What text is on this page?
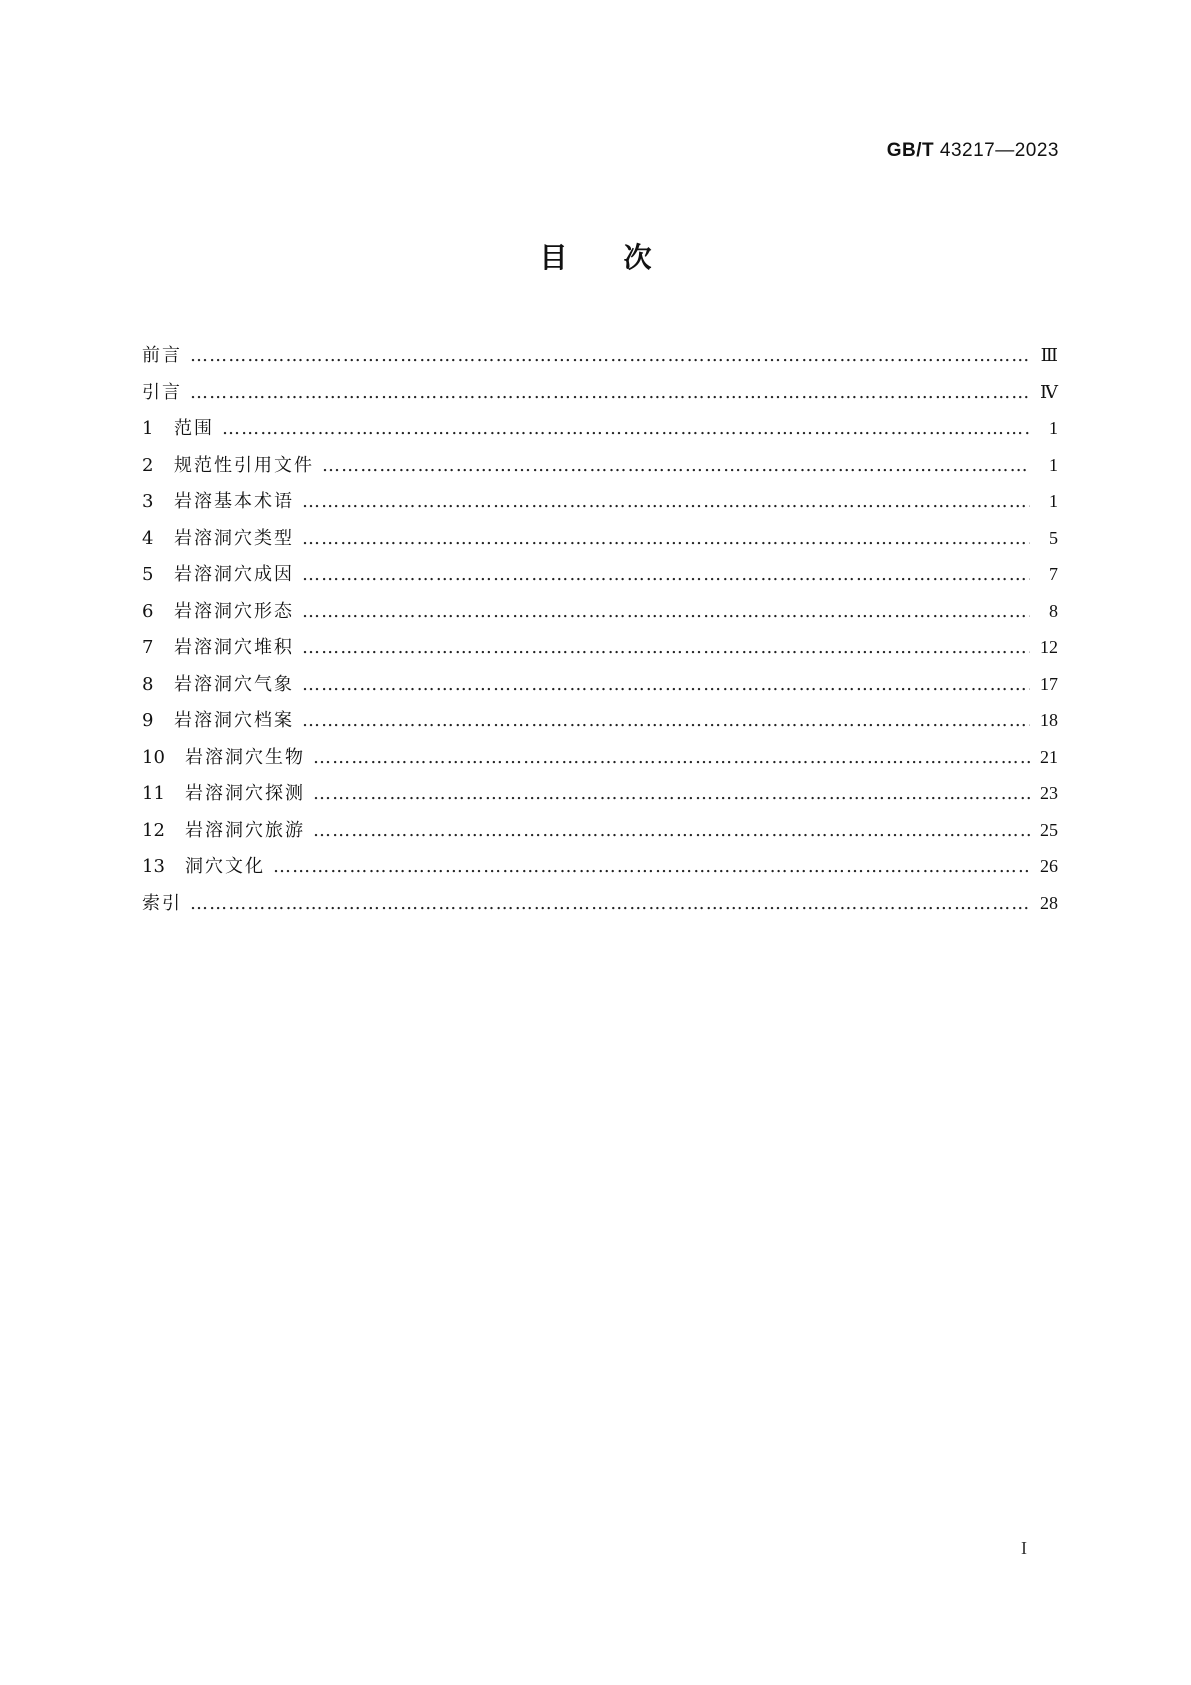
GB/T 43217—2023
目 次
前言 …………………………………………………………………………………………………………………………………………………………………………	Ⅲ
引言 …………………………………………………………………………………………………………………………………………………………………………	Ⅳ
1	范围 …………………………………………………………………………………………………………………………………………………………………………	1
2	规范性引用文件 …………………………………………………………………………………………………………………………………………………………………………	1
3	岩溶基本术语 …………………………………………………………………………………………………………………………………………………………………………	1
4	岩溶洞穴类型 …………………………………………………………………………………………………………………………………………………………………………	5
5	岩溶洞穴成因 …………………………………………………………………………………………………………………………………………………………………………	7
6	岩溶洞穴形态 …………………………………………………………………………………………………………………………………………………………………………	8
7	岩溶洞穴堆积 …………………………………………………………………………………………………………………………………………………………………………	12
8	岩溶洞穴气象 …………………………………………………………………………………………………………………………………………………………………………	17
9	岩溶洞穴档案 …………………………………………………………………………………………………………………………………………………………………………	18
10	岩溶洞穴生物 …………………………………………………………………………………………………………………………………………………………………………	21
11	岩溶洞穴探测 …………………………………………………………………………………………………………………………………………………………………………	23
12	岩溶洞穴旅游 …………………………………………………………………………………………………………………………………………………………………………	25
13	洞穴文化 …………………………………………………………………………………………………………………………………………………………………………	26
索引 …………………………………………………………………………………………………………………………………………………………………………	28
I
